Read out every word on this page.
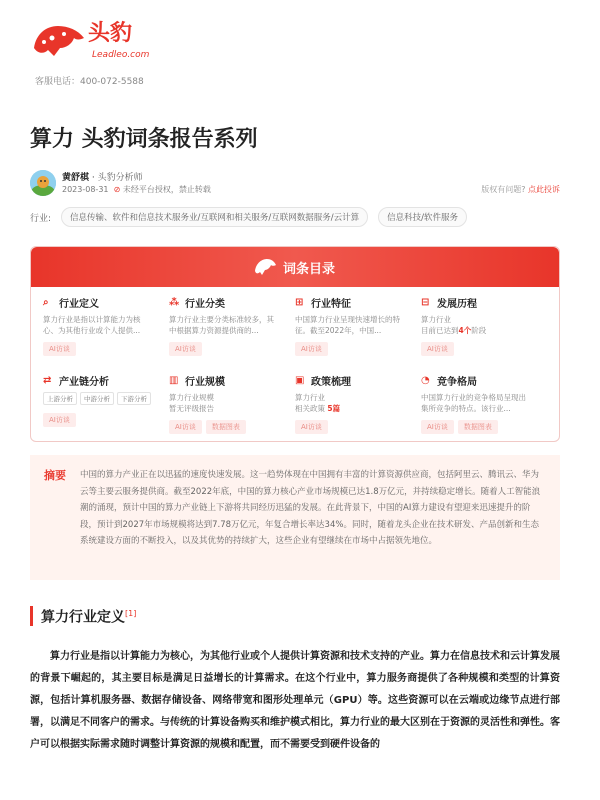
头豹
Leadleo.com
客服电话：400-072-5588
算力 头豹词条报告系列
黄舒棋 · 头豹分析师
2023-08-31 ⊘ 未经平台授权，禁止转载	版权有问题? 点此投诉
行业:	信息传输、软件和信息技术服务业/互联网和相关服务/互联网数据服务/云计算	信息科技/软件服务
词条目录
⌕	行业定义
算力行业是指以计算能力为核心、为其他行业或个人提供...
AI访谈
⁂ 行业分类
算力行业主要分类标准较多，其中根据算力资源提供商的...
AI访谈
⊞ 行业特征
中国算力行业呈现快速增长的特征。截至2022年，中国...
AI访谈
⊟ 发展历程
算力行业
目前已达到4个阶段
AI访谈
⇄ 产业链分析
上游分析	中游分析	下游分析
AI访谈
▥ 行业规模
算力行业规模
暂无评级报告
AI访谈	数据图表
▣ 政策梳理
算力行业
相关政策 5篇
AI访谈
◔ 竞争格局
中国算力行业的竞争格局呈现出集所竞争的特点。该行业...
AI访谈	数据图表
摘要 中国的算力产业正在以迅猛的速度快速发展。这一趋势体现在中国拥有丰富的计算资源供应商，包括阿里云、腾讯云、华为云等主要云服务提供商。截至2022年底，中国的算力核心产业市场规模已达1.8万亿元，并持续稳定增长。随着人工智能浪潮的涌现，预计中国的算力产业链上下游将共同经历迅猛的发展。在此背景下，中国的AI算力建设有望迎来迅速提升的阶段，预计到2027年市场规模将达到7.78万亿元，年复合增长率达34%。同时，随着龙头企业在技术研发、产品创新和生态系统建设方面的不断投入，以及其优势的持续扩大，这些企业有望继续在市场中占据领先地位。
算力行业定义[1]

算力行业是指以计算能力为核心，为其他行业或个人提供计算资源和技术支持的产业。算力在信息技术和云计算发展的背景下崛起的，其主要目标是满足日益增长的计算需求。在这个行业中，算力服务商提供了各种规模和类型的计算资源，包括计算机服务器、数据存储设备、网络带宽和图形处理单元（GPU）等。这些资源可以在云端或边缘节点进行部署，以满足不同客户的需求。与传统的计算设备购买和维护模式相比，算力行业的最大区别在于资源的灵活性和弹性。客户可以根据实际需求随时调整计算资源的规模和配置，而不需要受到硬件设备的
